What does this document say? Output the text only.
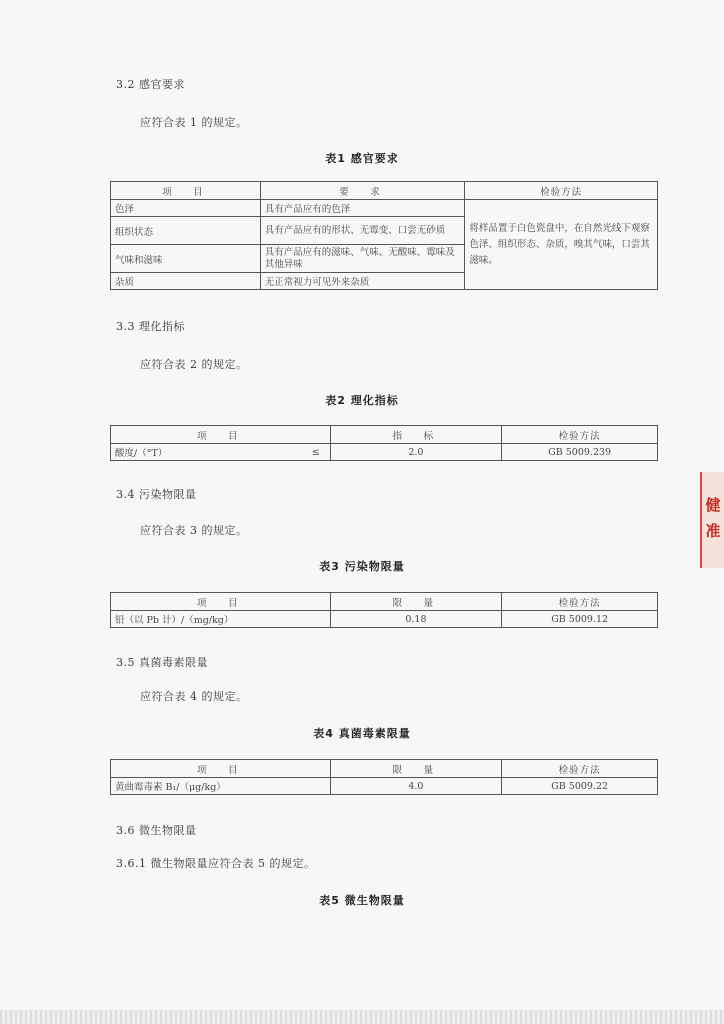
3.2 感官要求
应符合表 1 的规定。
表1 感官要求
项　目	要　求	检验方法
色泽	具有产品应有的色泽	将样品置于白色瓷盘中，在自然光线下观察色泽、组织形态、杂质，嗅其气味，口尝其滋味。
组织状态	具有产品应有的形状、无霉变、口尝无砂质	
气味和滋味	具有产品应有的滋味、气味、无酸味、霉味及其他异味	
杂质	无正常视力可见外来杂质	
3.3 理化指标
应符合表 2 的规定。
表2 理化指标
项　目		指　标	检验方法
酸度/（°T）	≤	2.0	GB 5009.239
3.4 污染物限量
应符合表 3 的规定。
表3 污染物限量
项　目	限　量	检验方法
铅（以 Pb 计）/（mg/kg）	0.18	GB 5009.12
3.5 真菌毒素限量
应符合表 4 的规定。
表4 真菌毒素限量
项　目	限　量	检验方法
黄曲霉毒素 B₁/（μg/kg）	4.0	GB 5009.22
3.6 微生物限量
3.6.1 微生物限量应符合表 5 的规定。
表5 微生物限量
健
准
